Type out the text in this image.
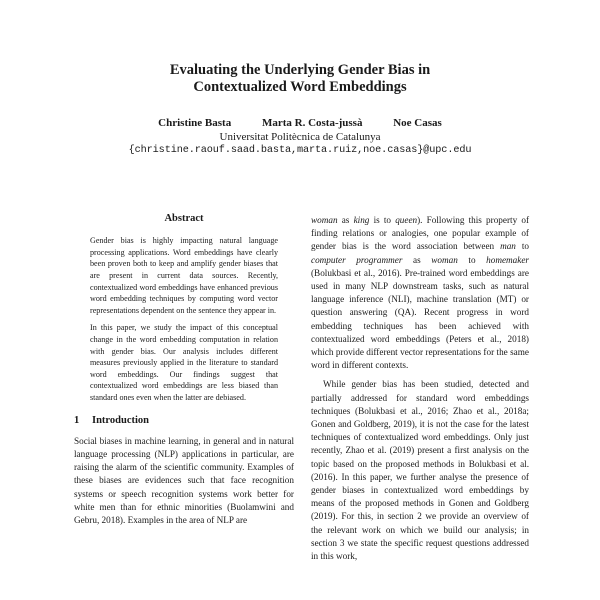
Evaluating the Underlying Gender Bias in
Contextualized Word Embeddings
Christine Basta	Marta R. Costa-jussà	Noe Casas
Universitat Politècnica de Catalunya
{christine.raouf.saad.basta,marta.ruiz,noe.casas}@upc.edu
Abstract

Gender bias is highly impacting natural language processing applications. Word embeddings have clearly been proven both to keep and amplify gender biases that are present in current data sources. Recently, contextualized word embeddings have enhanced previous word embedding techniques by computing word vector representations dependent on the sentence they appear in.

In this paper, we study the impact of this conceptual change in the word embedding computation in relation with gender bias. Our analysis includes different measures previously applied in the literature to standard word embeddings. Our findings suggest that contextualized word embeddings are less biased than standard ones even when the latter are debiased.

1 Introduction

Social biases in machine learning, in general and in natural language processing (NLP) applications in particular, are raising the alarm of the scientific community. Examples of these biases are evidences such that face recognition systems or speech recognition systems work better for white men than for ethnic minorities (Buolamwini and Gebru, 2018). Examples in the area of NLP are

woman as king is to queen). Following this property of finding relations or analogies, one popular example of gender bias is the word association between man to computer programmer as woman to homemaker (Bolukbasi et al., 2016). Pre-trained word embeddings are used in many NLP downstream tasks, such as natural language inference (NLI), machine translation (MT) or question answering (QA). Recent progress in word embedding techniques has been achieved with contextualized word embeddings (Peters et al., 2018) which provide different vector representations for the same word in different contexts.

While gender bias has been studied, detected and partially addressed for standard word embeddings techniques (Bolukbasi et al., 2016; Zhao et al., 2018a; Gonen and Goldberg, 2019), it is not the case for the latest techniques of contextualized word embeddings. Only just recently, Zhao et al. (2019) present a first analysis on the topic based on the proposed methods in Bolukbasi et al. (2016). In this paper, we further analyse the presence of gender biases in contextualized word embeddings by means of the proposed methods in Gonen and Goldberg (2019). For this, in section 2 we provide an overview of the relevant work on which we build our analysis; in section 3 we state the specific request questions addressed in this work,
